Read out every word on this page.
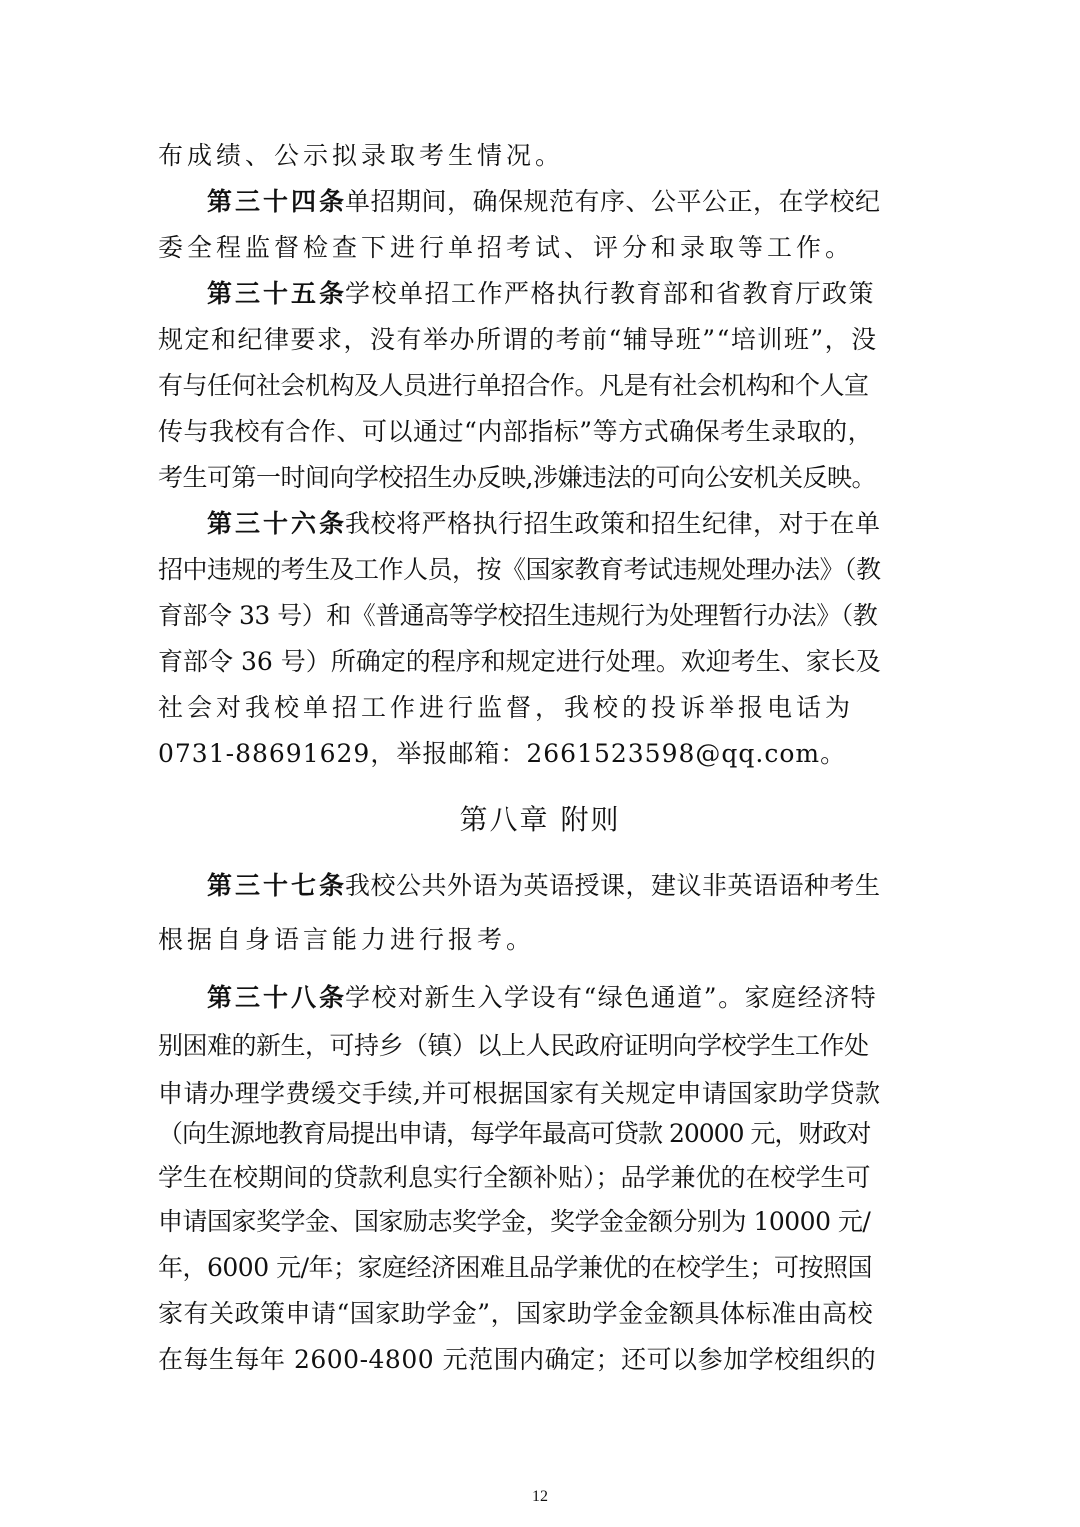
布成绩、公示拟录取考生情况。
第三十四条
单招期间，确保规范有序、公平公正，在学校纪
委全程监督检查下进行单招考试、评分和录取等工作。
第三十五条
学校单招工作严格执行教育部和省教育厅政策
规定和纪律要求，没有举办所谓的考前“辅导班”“培训班”，没
有与任何社会机构及人员进行单招合作。凡是有社会机构和个人宣
传与我校有合作、可以通过“内部指标”等方式确保考生录取的，
考生可第一时间向学校招生办反映,涉嫌违法的可向公安机关反映。
第三十六条
我校将严格执行招生政策和招生纪律，对于在单
招中违规的考生及工作人员，按《国家教育考试违规处理办法》（教
育部令 33 号）和《普通高等学校招生违规行为处理暂行办法》（教
育部令 36 号）所确定的程序和规定进行处理。欢迎考生、家长及
社会对我校单招工作进行监督，我校的投诉举报电话为
0731-88691629，举报邮箱：2661523598@qq.com。
第八章 附则
第三十七条
我校公共外语为英语授课，建议非英语语种考生
根据自身语言能力进行报考。
第三十八条
学校对新生入学设有“绿色通道”。家庭经济特
别困难的新生，可持乡（镇）以上人民政府证明向学校学生工作处
申请办理学费缓交手续,并可根据国家有关规定申请国家助学贷款
（向生源地教育局提出申请，每学年最高可贷款 20000 元，财政对
学生在校期间的贷款利息实行全额补贴）；品学兼优的在校学生可
申请国家奖学金、国家励志奖学金，奖学金金额分别为 10000 元/
年，6000 元/年；家庭经济困难且品学兼优的在校学生；可按照国
家有关政策申请“国家助学金”，国家助学金金额具体标准由高校
在每生每年 2600-4800 元范围内确定；还可以参加学校组织的
12
